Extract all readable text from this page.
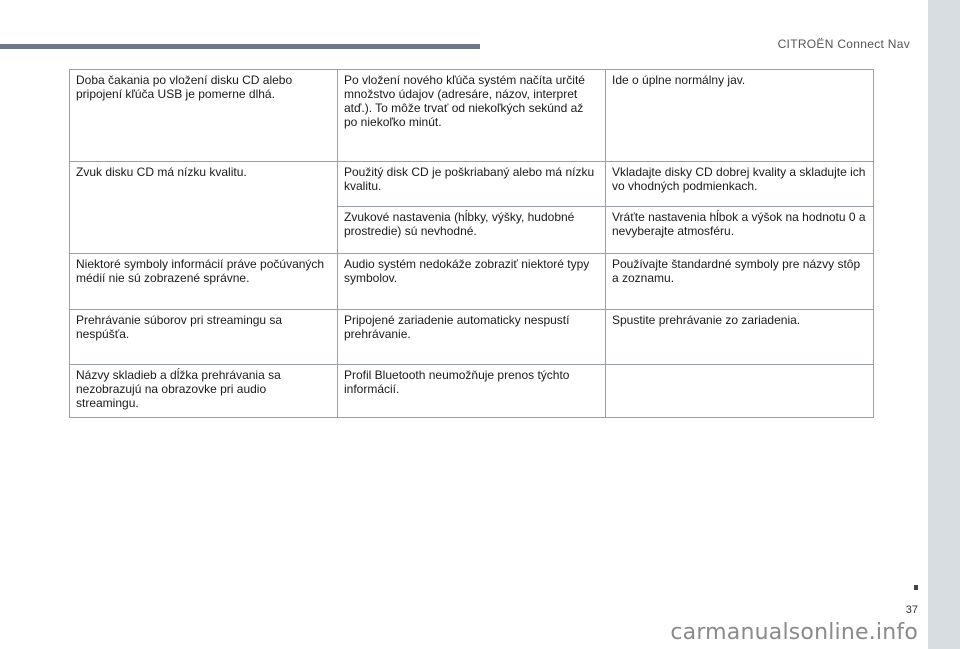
CITROËN Connect Nav
Doba čakania po vložení disku CD alebo pripojení kľúča USB je pomerne dlhá.	Po vložení nového kľúča systém načíta určité množstvo údajov (adresáre, názov, interpret atď.). To môže trvať od niekoľkých sekúnd až po niekoľko minút.	Ide o úplne normálny jav.
Zvuk disku CD má nízku kvalitu.	Použitý disk CD je poškriabaný alebo má nízku kvalitu.	Vkladajte disky CD dobrej kvality a skladujte ich vo vhodných podmienkach.
	Zvukové nastavenia (hĺbky, výšky, hudobné prostredie) sú nevhodné.	Vráťte nastavenia hĺbok a výšok na hodnotu 0 a nevyberajte atmosféru.
Niektoré symboly informácií práve počúvaných médií nie sú zobrazené správne.	Audio systém nedokáže zobraziť niektoré typy symbolov.	Používajte štandardné symboly pre názvy stôp a zoznamu.
Prehrávanie súborov pri streamingu sa nespúšťa.	Pripojené zariadenie automaticky nespustí prehrávanie.	Spustite prehrávanie zo zariadenia.
Názvy skladieb a dĺžka prehrávania sa nezobrazujú na obrazovke pri audio streamingu.	Profil Bluetooth neumožňuje prenos týchto informácií.	
37
carmanualsonline.info
